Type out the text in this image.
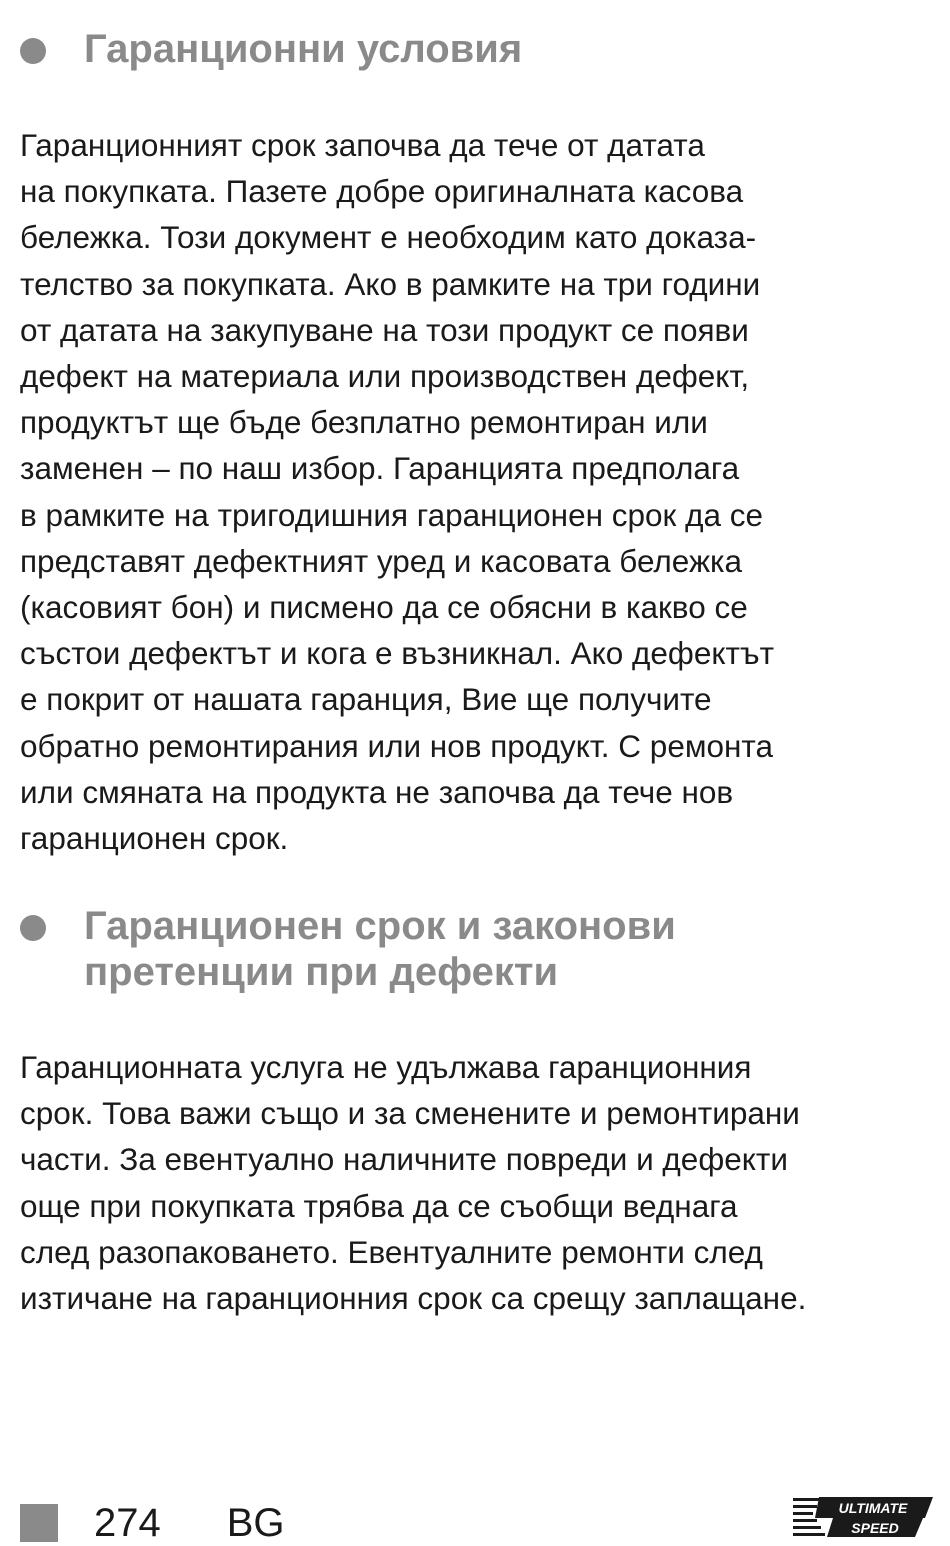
Гаранционни условия
Гаранционният срок започва да тече от датата
на покупката. Пазете добре оригиналната касова
бележка. Този документ е необходим като доказа-
телство за покупката. Ако в рамките на три години
от датата на закупуване на този продукт се появи
дефект на материала или производствен дефект,
продуктът ще бъде безплатно ремонтиран или
заменен – по наш избор. Гаранцията предполага
в рамките на тригодишния гаранционен срок да се
представят дефектният уред и касовата бележка
(касовият бон) и писмено да се обясни в какво се
състои дефектът и кога е възникнал. Ако дефектът
е покрит от нашата гаранция, Вие ще получите
обратно ремонтирания или нов продукт. С ремонта
или смяната на продукта не започва да тече нов
гаранционен срок.
Гаранционен срок и законови
претенции при дефекти
Гаранционната услуга не удължава гаранционния
срок. Това важи също и за сменените и ремонтирани
части. За евентуално наличните повреди и дефекти
още при покупката трябва да се съобщи веднага
след разопаковането. Евентуалните ремонти след
изтичане на гаранционния срок са срещу заплащане.
274 BG	ULTIMATE
SPEED
